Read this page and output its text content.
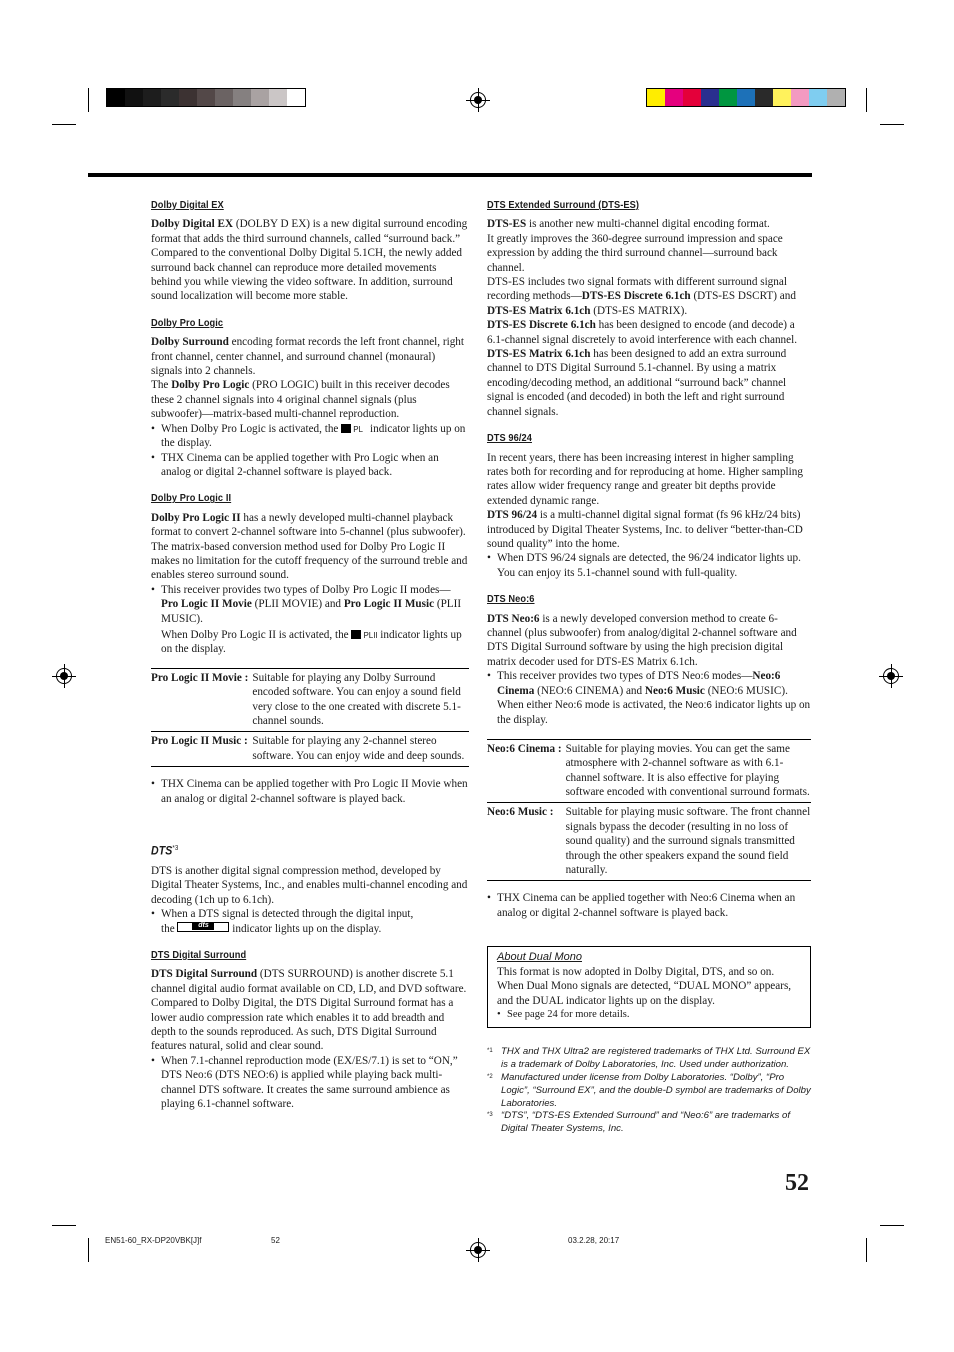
Dolby Digital EX

Dolby Digital EX (DOLBY D EX) is a new digital surround encoding format that adds the third surround channels, called “surround back.”

Compared to the conventional Dolby Digital 5.1CH, the newly added surround back channel can reproduce more detailed movements behind you while viewing the video software. In addition, surround sound localization will become more stable.

Dolby Pro Logic

Dolby Surround encoding format records the left front channel, right front channel, center channel, and surround channel (monaural) signals into 2 channels.

The Dolby Pro Logic (PRO LOGIC) built in this receiver decodes these 2 channel signals into 4 original channel signals (plus subwoofer)—matrix-based multi-channel reproduction.

• When Dolby Pro Logic is activated, the PL indicator lights up on the display.
• THX Cinema can be applied together with Pro Logic when an analog or digital 2-channel software is played back.
Dolby Pro Logic II

Dolby Pro Logic II has a newly developed multi-channel playback format to convert 2-channel software into 5-channel (plus subwoofer). The matrix-based conversion method used for Dolby Pro Logic II makes no limitation for the cutoff frequency of the surround treble and enables stereo surround sound.

• This receiver provides two types of Dolby Pro Logic II modes—
Pro Logic II Movie (PLII MOVIE) and Pro Logic II Music (PLII MUSIC).

When Dolby Pro Logic II is activated, the PLII indicator lights up on the display.

Pro Logic II Movie :	Suitable for playing any Dolby Surround encoded software. You can enjoy a sound field very close to the one created with discrete 5.1-channel sounds.
Pro Logic II Music :	Suitable for playing any 2-channel stereo software. You can enjoy wide and deep sounds.
• THX Cinema can be applied together with Pro Logic II Movie when an analog or digital 2-channel software is played back.
DTS$^{*3}$

DTS is another digital signal compression method, developed by Digital Theater Systems, Inc., and enables multi-channel encoding and decoding (1ch up to 6.1ch).

• When a DTS signal is detected through the digital input,
the	dts	indicator lights up on the display.
DTS Digital Surround

DTS Digital Surround (DTS SURROUND) is another discrete 5.1 channel digital audio format available on CD, LD, and DVD software.

Compared to Dolby Digital, the DTS Digital Surround format has a lower audio compression rate which enables it to add breadth and depth to the sounds reproduced. As such, DTS Digital Surround features natural, solid and clear sound.

• When 7.1-channel reproduction mode (EX/ES/7.1) is set to “ON,” DTS Neo:6 (DTS NEO:6) is applied while playing back multi-channel DTS software. It creates the same surround ambience as playing 6.1-channel software.
DTS Extended Surround (DTS-ES)

DTS-ES is another new multi-channel digital encoding format.

It greatly improves the 360-degree surround impression and space expression by adding the third surround channel—surround back channel.

DTS-ES includes two signal formats with different surround signal recording methods—DTS-ES Discrete 6.1ch (DTS-ES DSCRT) and DTS-ES Matrix 6.1ch (DTS-ES MATRIX).

DTS-ES Discrete 6.1ch has been designed to encode (and decode) a 6.1-channel signal discretely to avoid interference with each channel.

DTS-ES Matrix 6.1ch has been designed to add an extra surround channel to DTS Digital Surround 5.1-channel. By using a matrix encoding/decoding method, an additional “surround back” channel signal is encoded (and decoded) in both the left and right surround channel signals.

DTS 96/24

In recent years, there has been increasing interest in higher sampling rates both for recording and for reproducing at home. Higher sampling rates allow wider frequency range and greater bit depths provide extended dynamic range.

DTS 96/24 is a multi-channel digital signal format (fs 96 kHz/24 bits) introduced by Digital Theater Systems, Inc. to deliver “better-than-CD sound quality” into the home.

• When DTS 96/24 signals are detected, the 96/24 indicator lights up. You can enjoy its 5.1-channel sound with full-quality.
DTS Neo:6

DTS Neo:6 is a newly developed conversion method to create 6-channel (plus subwoofer) from analog/digital 2-channel software and DTS Digital Surround software by using the high precision digital matrix decoder used for DTS-ES Matrix 6.1ch.

• This receiver provides two types of DTS Neo:6 modes—Neo:6 Cinema (NEO:6 CINEMA) and Neo:6 Music (NEO:6 MUSIC). When either Neo:6 mode is activated, the Neo:6 indicator lights up on the display.
Neo:6 Cinema :	Suitable for playing movies. You can get the same atmosphere with 2-channel software as with 6.1-channel software. It is also effective for playing software encoded with conventional surround formats.
Neo:6 Music :	Suitable for playing music software. The front channel signals bypass the decoder (resulting in no loss of sound quality) and the surround signals transmitted through the other speakers expand the sound field naturally.
• THX Cinema can be applied together with Neo:6 Cinema when an analog or digital 2-channel software is played back.
About Dual Mono

This format is now adopted in Dolby Digital, DTS, and so on. When Dual Mono signals are detected, “DUAL MONO” appears, and the DUAL indicator lights up on the display.

• See page 24 for more details.
*1 THX and THX Ultra2 are registered trademarks of THX Ltd. Surround EX is a trademark of Dolby Laboratories, Inc. Used under authorization.
*2 Manufactured under license from Dolby Laboratories. “Dolby”, “Pro Logic”, “Surround EX”, and the double-D symbol are trademarks of Dolby Laboratories.
*3 “DTS”, “DTS-ES Extended Surround” and “Neo:6” are trademarks of Digital Theater Systems, Inc.
52
EN51-60_RX-DP20VBK[J]f	52	03.2.28, 20:17
